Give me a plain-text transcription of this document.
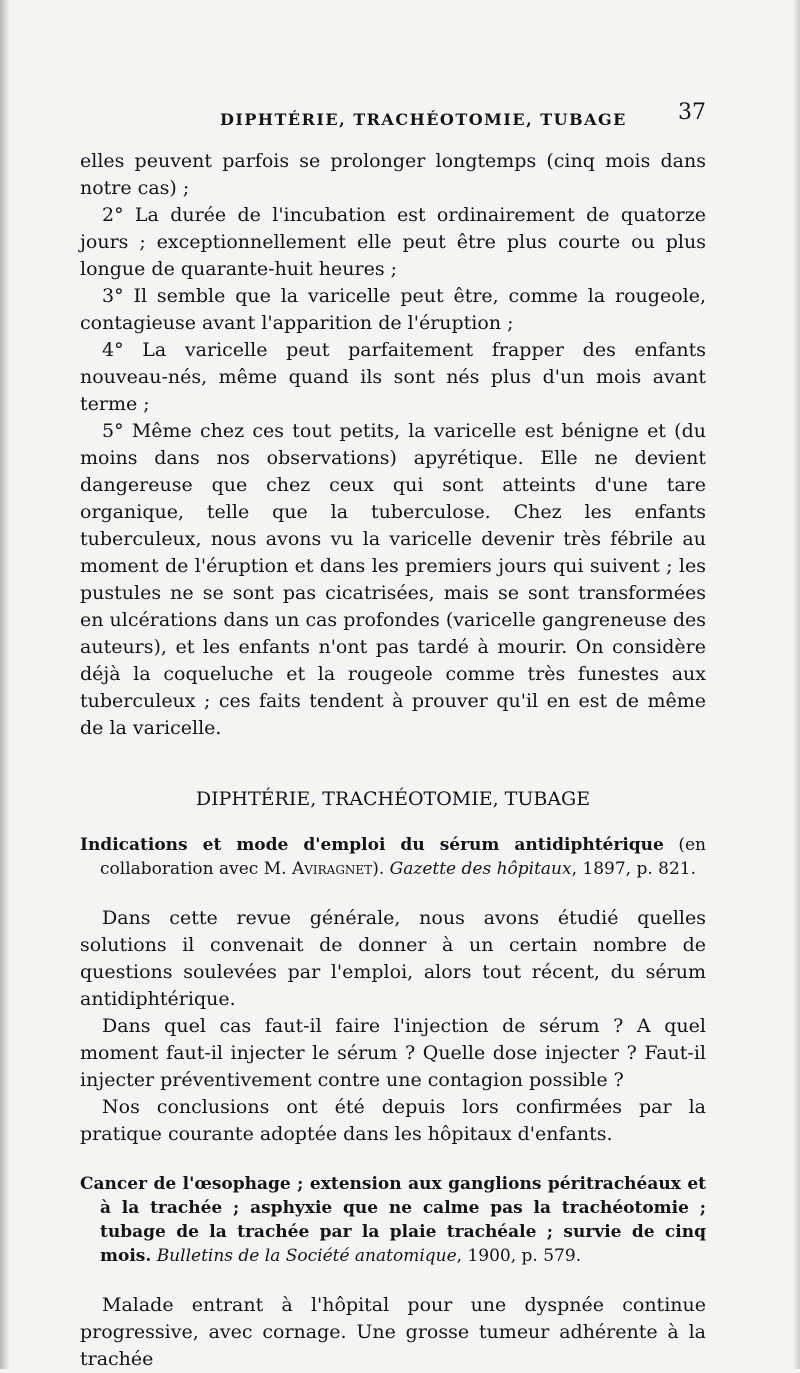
DIPHTÉRIE, TRACHÉOTOMIE, TUBAGE 37

elles peuvent parfois se prolonger longtemps (cinq mois dans notre cas) ;

2° La durée de l'incubation est ordinairement de quatorze jours ; exceptionnellement elle peut être plus courte ou plus longue de quarante-huit heures ;

3° Il semble que la varicelle peut être, comme la rougeole, contagieuse avant l'apparition de l'éruption ;

4° La varicelle peut parfaitement frapper des enfants nouveau-nés, même quand ils sont nés plus d'un mois avant terme ;

5° Même chez ces tout petits, la varicelle est bénigne et (du moins dans nos observations) apyrétique. Elle ne devient dangereuse que chez ceux qui sont atteints d'une tare organique, telle que la tuberculose. Chez les enfants tuberculeux, nous avons vu la varicelle devenir très fébrile au moment de l'éruption et dans les premiers jours qui suivent ; les pustules ne se sont pas cicatrisées, mais se sont transformées en ulcérations dans un cas profondes (varicelle gangreneuse des auteurs), et les enfants n'ont pas tardé à mourir. On considère déjà la coqueluche et la rougeole comme très funestes aux tuberculeux ; ces faits tendent à prouver qu'il en est de même de la varicelle.

DIPHTÉRIE, TRACHÉOTOMIE, TUBAGE
Indications et mode d'emploi du sérum antidiphtérique (en collaboration avec M. Aviragnet). Gazette des hôpitaux, 1897, p. 821.

Dans cette revue générale, nous avons étudié quelles solutions il convenait de donner à un certain nombre de questions soulevées par l'emploi, alors tout récent, du sérum antidiphtérique.

Dans quel cas faut-il faire l'injection de sérum ? A quel moment faut-il injecter le sérum ? Quelle dose injecter ? Faut-il injecter préventivement contre une contagion possible ?

Nos conclusions ont été depuis lors confirmées par la pratique courante adoptée dans les hôpitaux d'enfants.

Cancer de l'œsophage ; extension aux ganglions péritrachéaux et à la trachée ; asphyxie que ne calme pas la trachéotomie ; tubage de la trachée par la plaie trachéale ; survie de cinq mois. Bulletins de la Société anatomique, 1900, p. 579.

Malade entrant à l'hôpital pour une dyspnée continue progressive, avec cornage. Une grosse tumeur adhérente à la trachée
